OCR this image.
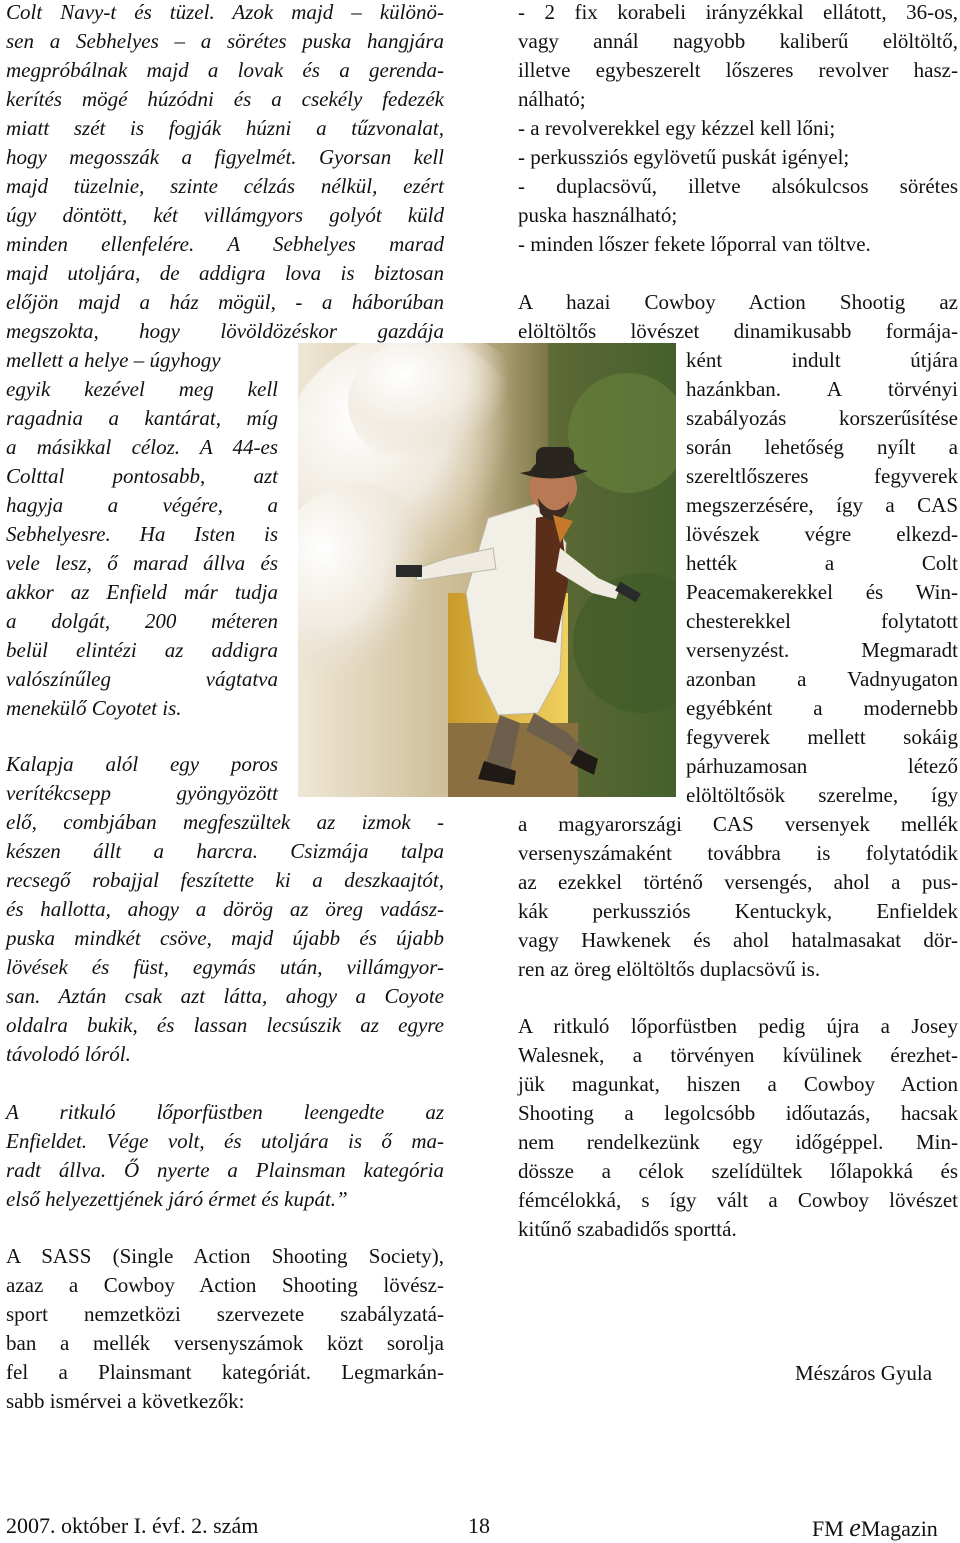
Colt Navy-t és tüzel. Azok majd – különö-
sen a Sebhelyes – a sörétes puska hangjára
megpróbálnak majd a lovak és a gerenda-
kerítés mögé húzódni és a csekély fedezék
miatt szét is fogják húzni a tűzvonalat,
hogy megosszák a figyelmét. Gyorsan kell
majd tüzelnie, szinte célzás nélkül, ezért
úgy döntött, két villámgyors golyót küld
minden ellenfelére. A Sebhelyes marad
majd utoljára, de addigra lova is biztosan
előjön majd a ház mögül, - a háborúban
megszokta, hogy lövöldözéskor gazdája
mellett a helye – úgyhogy
egyik kezével meg kell
ragadnia a kantárat, míg
a másikkal céloz. A 44-es
Colttal pontosabb, azt
hagyja a végére, a
Sebhelyesre. Ha Isten is
vele lesz, ő marad állva és
akkor az Enfield már tudja
a dolgát, 200 méteren
belül elintézi az addigra
valószínűleg vágtatva
menekülő Coyotet is.
Kalapja alól egy poros
verítékcsepp gyöngyözött
elő, combjában megfeszültek az izmok -
készen állt a harcra. Csizmája talpa
recsegő robajjal feszítette ki a deszkaajtót,
és hallotta, ahogy a dörög az öreg vadász-
puska mindkét csöve, majd újabb és újabb
lövések és füst, egymás után, villámgyor-
san. Aztán csak azt látta, ahogy a Coyote
oldalra bukik, és lassan lecsúszik az egyre
távolodó lóról.
A ritkuló lőporfüstben leengedte az
Enfieldet. Vége volt, és utoljára is ő ma-
radt állva. Ő nyerte a Plainsman kategória
első helyezettjének járó érmet és kupát.”
A SASS (Single Action Shooting Society),
azaz a Cowboy Action Shooting lövész-
sport nemzetközi szervezete szabályzatá-
ban a mellék versenyszámok közt sorolja
fel a Plainsmant kategóriát. Legmarkán-
sabb ismérvei a következők:
- 2 fix korabeli irányzékkal ellátott, 36-os,
vagy annál nagyobb kaliberű elöltöltő,
illetve egybeszerelt lőszeres revolver hasz-
nálható;
- a revolverekkel egy kézzel kell lőni;
- perkussziós egylövetű puskát igényel;
- duplacsövű, illetve alsókulcsos sörétes
puska használható;
- minden lőszer fekete lőporral van töltve.
A hazai Cowboy Action Shootig az
elöltöltős lövészet dinamikusabb formája-
ként indult útjára
hazánkban. A törvényi
szabályozás korszerűsítése
során lehetőség nyílt a
szereltlőszeres fegyverek
megszerzésére, így a CAS
lövészek végre elkezd-
hették a Colt
Peacemakerekkel és Win-
chesterekkel folytatott
versenyzést. Megmaradt
azonban a Vadnyugaton
egyébként a modernebb
fegyverek mellett sokáig
párhuzamosan létező
elöltöltősök szerelme, így
a magyarországi CAS versenyek mellék
versenyszámaként továbbra is folytatódik
az ezekkel történő versengés, ahol a pus-
kák perkussziós Kentuckyk, Enfieldek
vagy Hawkenek és ahol hatalmasakat dör-
ren az öreg elöltöltős duplacsövű is.
A ritkuló lőporfüstben pedig újra a Josey
Walesnek, a törvényen kívülinek érezhet-
jük magunkat, hiszen a Cowboy Action
Shooting a legolcsóbb időutazás, hacsak
nem rendelkezünk egy időgéppel. Min-
dössze a célok szelídültek lőlapokká és
fémcélokká, s így vált a Cowboy lövészet
kitűnő szabadidős sporttá.
Mészáros Gyula
2007. október I. évf. 2. szám	18	FM eMagazin
